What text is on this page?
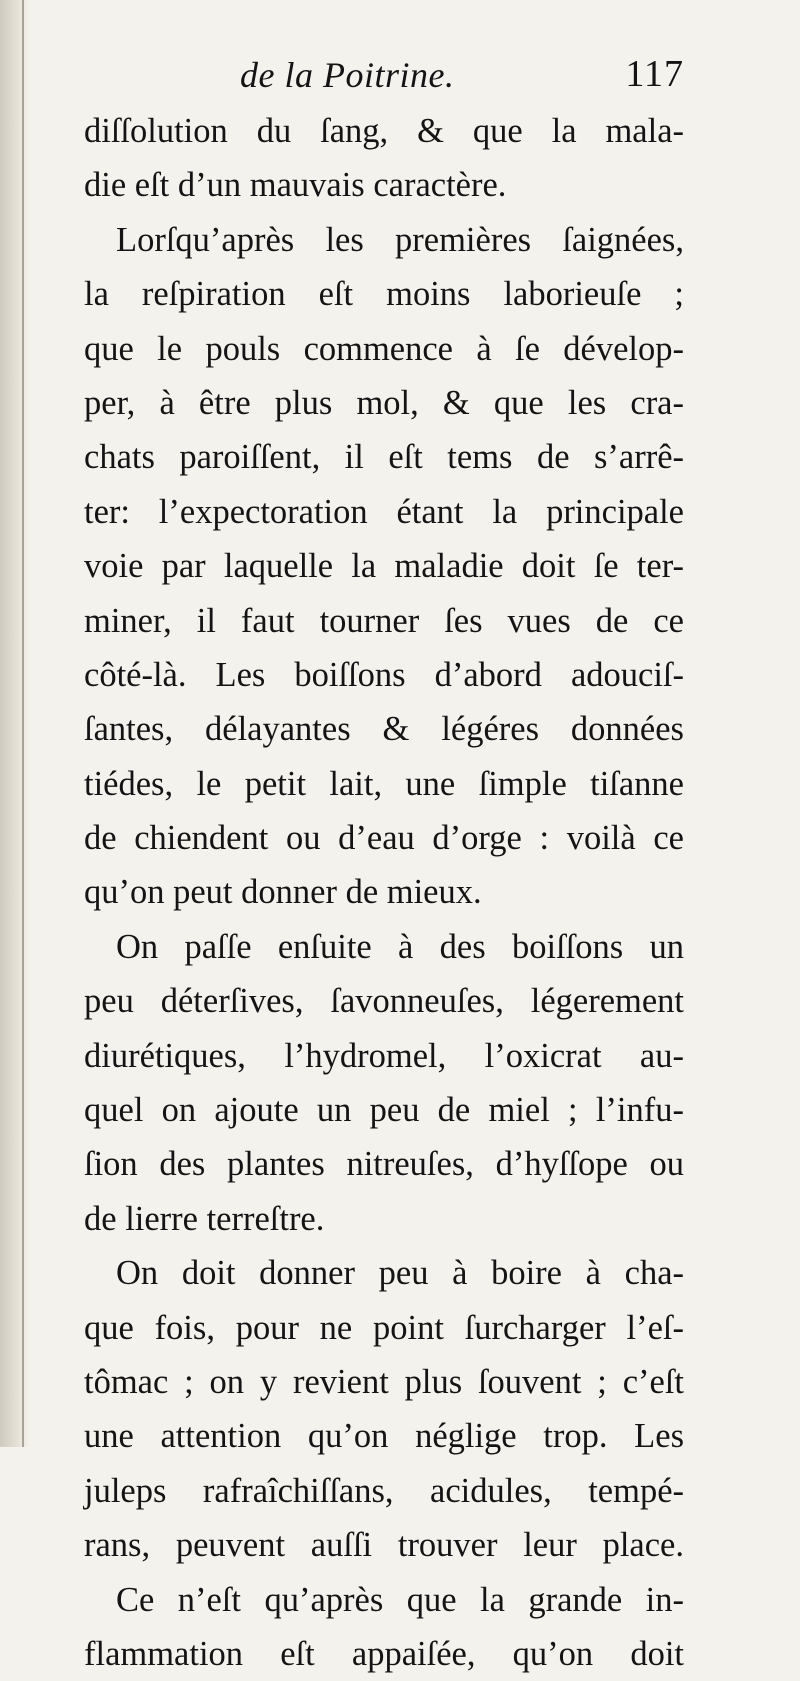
de la Poitrine.	117
diſſolution du ſang, & que la mala-
die eſt d’un mauvais caractère.
Lorſqu’après les premières ſaignées,
la reſpiration eſt moins laborieuſe ;
que le pouls commence à ſe dévelop-
per, à être plus mol, & que les cra-
chats paroiſſent, il eſt tems de s’arrê-
ter: l’expectoration étant la principale
voie par laquelle la maladie doit ſe ter-
miner, il faut tourner ſes vues de ce
côté-là. Les boiſſons d’abord adouciſ-
ſantes, délayantes & légéres données
tiédes, le petit lait, une ſimple tiſanne
de chiendent ou d’eau d’orge : voilà ce
qu’on peut donner de mieux.
On paſſe enſuite à des boiſſons un
peu déterſives, ſavonneuſes, légerement
diurétiques, l’hydromel, l’oxicrat au-
quel on ajoute un peu de miel ; l’infu-
ſion des plantes nitreuſes, d’hyſſope ou
de lierre terreſtre.
On doit donner peu à boire à cha-
que fois, pour ne point ſurcharger l’eſ-
tômac ; on y revient plus ſouvent ; c’eſt
une attention qu’on néglige trop. Les
juleps rafraîchiſſans, acidules, tempé-
rans, peuvent auſſi trouver leur place.
Ce n’eſt qu’après que la grande in-
flammation eſt appaiſée, qu’on doit
